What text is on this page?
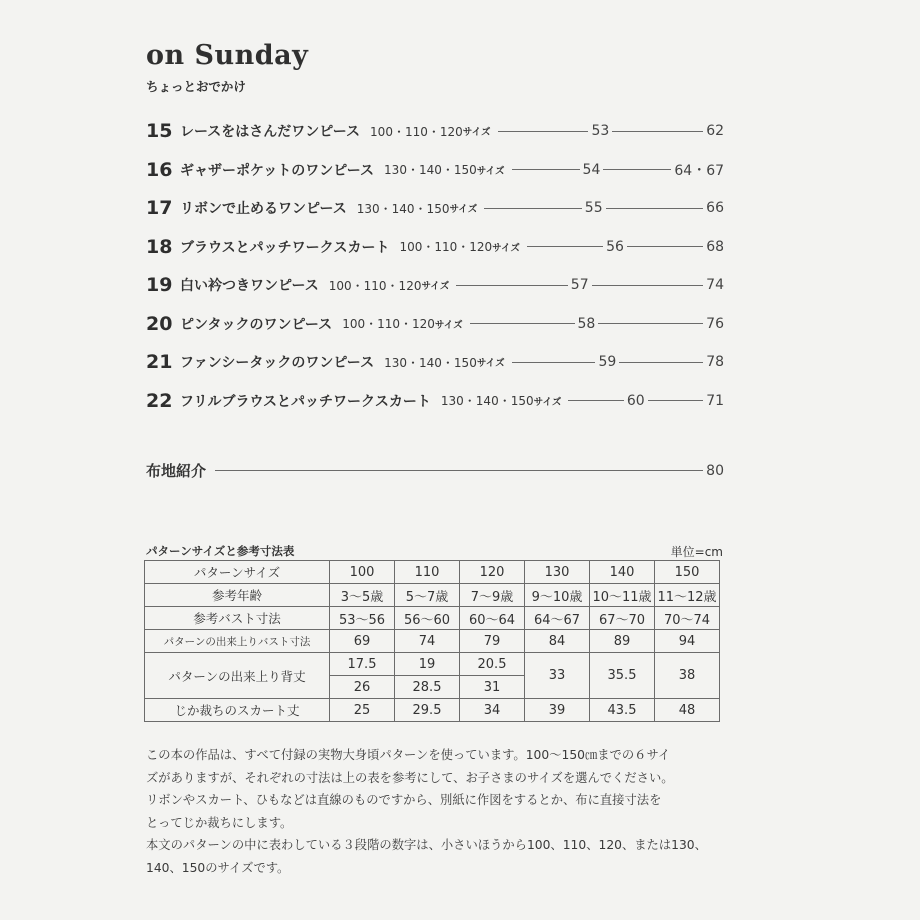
on Sunday
ちょっとおでかけ
15 レースをはさんだワンピース 100・110・120 サイズ	53	62
16 ギャザーポケットのワンピース 130・140・150 サイズ	54	64・67
17 リボンで止めるワンピース 130・140・150 サイズ	55	66
18 ブラウスとパッチワークスカート 100・110・120 サイズ	56	68
19 白い衿つきワンピース 100・110・120 サイズ	57	74
20 ピンタックのワンピース 100・110・120 サイズ	58	76
21 ファンシータックのワンピース 130・140・150 サイズ	59	78
22 フリルブラウスとパッチワークスカート 130・140・150 サイズ	60	71
布地紹介	80
パターンサイズと参考寸法表	単位=cm
パターンサイズ	100	110	120	130	140	150
参考年齢	3～5歳	5～7歳	7～9歳	9～10歳	10～11歳	11～12歳
参考バスト寸法	53～56	56～60	60～64	64～67	67～70	70～74
パターンの出来上りバスト寸法	69	74	79	84	89	94
パターンの出来上り背丈	17.5	19	20.5	33	35.5	38
	26	28.5	31			
じか裁ちのスカート丈	25	29.5	34	39	43.5	48

この本の作品は、すべて付録の実物大身頃パターンを使っています。100～150㎝までの６サイ

ズがありますが、それぞれの寸法は上の表を参考にして、お子さまのサイズを選んでください。

リボンやスカート、ひもなどは直線のものですから、別紙に作図をするとか、布に直接寸法を

とってじか裁ちにします。

本文のパターンの中に表わしている３段階の数字は、小さいほうから100、110、120、または130、

140、150のサイズです。
